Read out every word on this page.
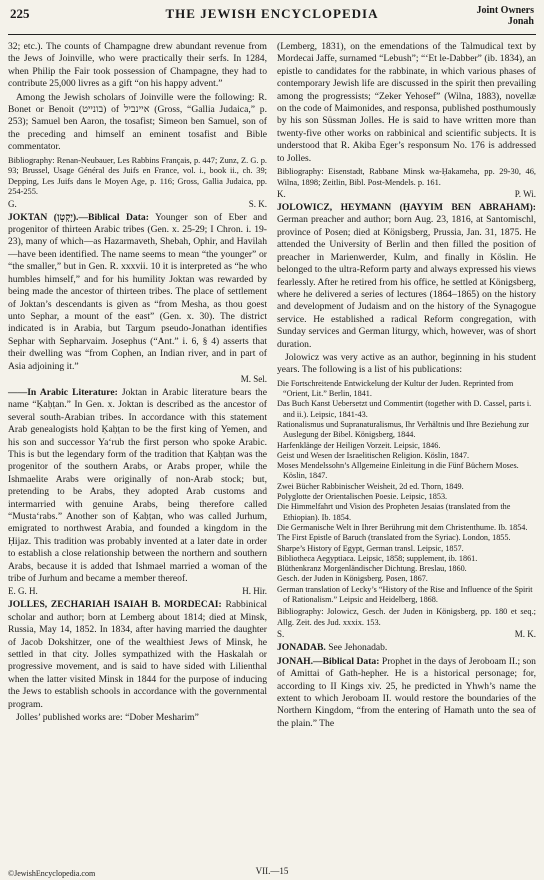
225	THE JEWISH ENCYCLOPEDIA	Joint Owners
Jonah

32; etc.). The counts of Champagne drew abundant revenue from the Jews of Joinville, who were practically their serfs. In 1284, when Philip the Fair took possession of Champagne, they had to contribute 25,000 livres as a gift “on his happy advent.”

Among the Jewish scholars of Joinville were the following: R. Bonet or Benoit (בונייט) of איינביל (Gross, “Gallia Judaica,” p. 253); Samuel ben Aaron, the tosafist; Simeon ben Samuel, son of the preceding and himself an eminent tosafist and Bible commentator.

Bibliography: Renan-Neubauer, Les Rabbins Français, p. 447; Zunz, Z. G. p. 93; Brussel, Usage Général des Juifs en France, vol. i., book ii., ch. 39; Depping, Les Juifs dans le Moyen Age, p. 116; Gross, Gallia Judaica, pp. 254-255.
G.	S. K.

JOKTAN (יָקְטָן).—Biblical Data: Younger son of Eber and progenitor of thirteen Arabic tribes (Gen. x. 25-29; I Chron. i. 19-23), many of which—as Hazarmaveth, Shebah, Ophir, and Havilah—have been identified. The name seems to mean “the younger” or “the smaller,” but in Gen. R. xxxvii. 10 it is interpreted as “he who humbles himself,” and for his humility Joktan was rewarded by being made the ancestor of thirteen tribes. The place of settlement of Joktan’s descendants is given as “from Mesha, as thou goest unto Sephar, a mount of the east” (Gen. x. 30). The district indicated is in Arabia, but Targum pseudo-Jonathan identifies Sephar with Sepharvaim. Josephus (“Ant.” i. 6, § 4) asserts that their dwelling was “from Cophen, an Indian river, and in part of Asia adjoining it.”

M. Sel.

——In Arabic Literature: Joktan in Arabic literature bears the name “Ḳaḥṭan.” In Gen. x. Joktan is described as the ancestor of several south-Arabian tribes. In accordance with this statement Arab genealogists hold Ḳaḥṭan to be the first king of Yemen, and his son and successor Ya‘rub the first person who spoke Arabic. This is but the legendary form of the tradition that Ḳaḥṭan was the progenitor of the southern Arabs, or Arabs proper, while the Ishmaelite Arabs were originally of non-Arab stock; but, pretending to be Arabs, they adopted Arab customs and intermarried with genuine Arabs, being therefore called “Musta‘rabs.” Another son of Ḳaḥṭan, who was called Jurhum, emigrated to northwest Arabia, and founded a kingdom in the Ḥijaz. This tradition was probably invented at a later date in order to establish a close relationship between the northern and southern Arabs, because it is added that Ishmael married a woman of the tribe of Jurhum and became a member thereof.

E. G. H.	H. Hir.

JOLLES, ZECHARIAH ISAIAH B. MORDECAI: Rabbinical scholar and author; born at Lemberg about 1814; died at Minsk, Russia, May 14, 1852. In 1834, after having married the daughter of Jacob Dokshitzer, one of the wealthiest Jews of Minsk, he settled in that city. Jolles sympathized with the Haskalah or progressive movement, and is said to have sided with Lilienthal when the latter visited Minsk in 1844 for the purpose of inducing the Jews to establish schools in accordance with the governmental program.

Jolles’ published works are: “Dober Mesharim”

(Lemberg, 1831), on the emendations of the Talmudical text by Mordecai Jaffe, surnamed “Lebush”; “‘Et le-Dabber” (ib. 1834), an epistle to candidates for the rabbinate, in which various phases of contemporary Jewish life are discussed in the spirit then prevailing among the progressists; “Zeker Yehosef” (Wilna, 1883), novellæ on the code of Maimonides, and responsa, published posthumously by his son Süssman Jolles. He is said to have written more than twenty-five other works on rabbinical and scientific subjects. It is understood that R. Akiba Eger’s responsum No. 176 is addressed to Jolles.

Bibliography: Eisenstadt, Rabbane Minsk wa-Ḥakameha, pp. 29-30, 46, Wilna, 1898; Zeitlin, Bibl. Post-Mendels. p. 161.
K.	P. Wi.

JOLOWICZ, HEYMANN (ḤAYYIM BEN ABRAHAM): German preacher and author; born Aug. 23, 1816, at Santomischl, province of Posen; died at Königsberg, Prussia, Jan. 31, 1875. He attended the University of Berlin and then filled the position of preacher in Marienwerder, Kulm, and finally in Köslin. He belonged to the ultra-Reform party and always expressed his views fearlessly. After he retired from his office, he settled at Königsberg, where he delivered a series of lectures (1864–1865) on the history and development of Judaism and on the history of the Synagogue service. He established a radical Reform congregation, with Sunday services and German liturgy, which, however, was of short duration.

Jolowicz was very active as an author, beginning in his student years. The following is a list of his publications:

Die Fortschreitende Entwickelung der Kultur der Juden. Reprinted from “Orient, Lit.” Berlin, 1841.
Das Buch Kanst Uebersetzt und Commentirt (together with D. Cassel, parts i. and ii.). Leipsic, 1841-43.
Rationalismus und Supranaturalismus, Ihr Verhältnis und Ihre Beziehung zur Auslegung der Bibel. Königsberg, 1844.
Harfenklänge der Heiligen Vorzeit. Leipsic, 1846.
Geist und Wesen der Israelitischen Religion. Köslin, 1847.
Moses Mendelssohn’s Allgemeine Einleitung in die Fünf Büchern Moses. Köslin, 1847.
Zwei Bücher Rabbinischer Weisheit, 2d ed. Thorn, 1849.
Polyglotte der Orientalischen Poesie. Leipsic, 1853.
Die Himmelfahrt und Vision des Propheten Jesaias (translated from the Ethiopian). Ib. 1854.
Die Germanische Welt in Ihrer Berührung mit dem Christenthume. Ib. 1854.
The First Epistle of Baruch (translated from the Syriac). London, 1855.
Sharpe’s History of Egypt, German transl. Leipsic, 1857.
Bibliotheca Aegyptiaca. Leipsic, 1858; supplement, ib. 1861.
Blüthenkranz Morgenländischer Dichtung. Breslau, 1860.
Gesch. der Juden in Königsberg. Posen, 1867.
German translation of Lecky’s “History of the Rise and Influence of the Spirit of Rationalism.” Leipsic and Heidelberg, 1868.
Bibliography: Jolowicz, Gesch. der Juden in Königsberg, pp. 180 et seq.; Allg. Zeit. des Jud. xxxix. 153.
S.	M. K.

JONADAB. See Jehonadab.

JONAH.—Biblical Data: Prophet in the days of Jeroboam II.; son of Amittai of Gath-hepher. He is a historical personage; for, according to II Kings xiv. 25, he predicted in Yhwh’s name the extent to which Jeroboam II. would restore the boundaries of the Northern Kingdom, “from the entering of Hamath unto the sea of the plain.” The

©JewishEncyclopedia.com	VII.—15
